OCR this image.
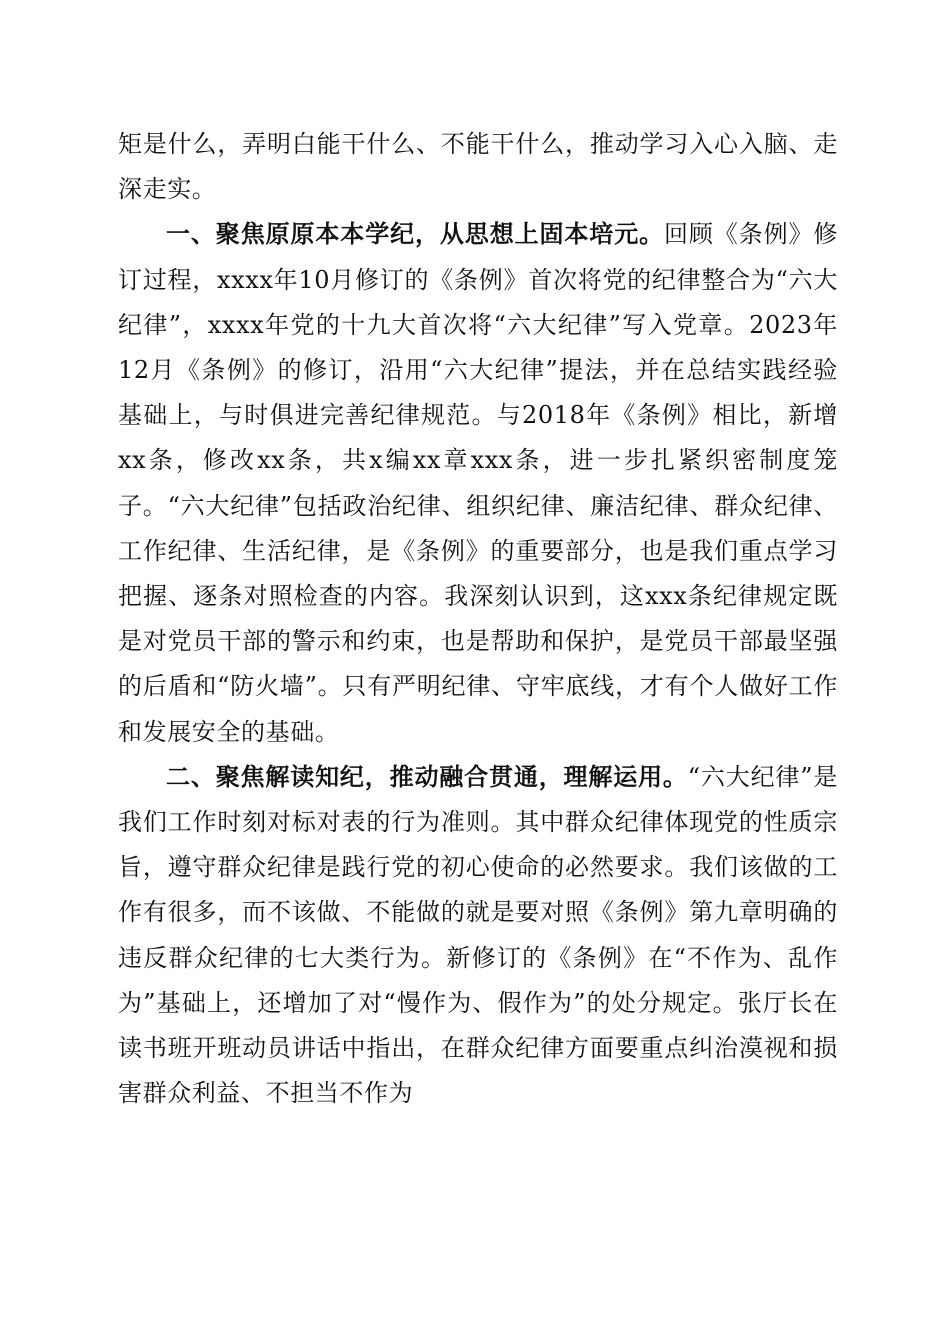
矩是什么，弄明白能干什么、不能干什么，推动学习入心入脑、走深走实。

一、聚焦原原本本学纪，从思想上固本培元。回顾《条例》修订过程，xxxx年10月修订的《条例》首次将党的纪律整合为“六大纪律”，xxxx年党的十九大首次将“六大纪律”写入党章。2023年12月《条例》的修订，沿用“六大纪律”提法，并在总结实践经验基础上，与时俱进完善纪律规范。与2018年《条例》相比，新增xx条，修改xx条，共x编xx章xxx条，进一步扎紧织密制度笼子。“六大纪律”包括政治纪律、组织纪律、廉洁纪律、群众纪律、工作纪律、生活纪律，是《条例》的重要部分，也是我们重点学习把握、逐条对照检查的内容。我深刻认识到，这xxx条纪律规定既是对党员干部的警示和约束，也是帮助和保护，是党员干部最坚强的后盾和“防火墙”。只有严明纪律、守牢底线，才有个人做好工作和发展安全的基础。

二、聚焦解读知纪，推动融合贯通，理解运用。“六大纪律”是我们工作时刻对标对表的行为准则。其中群众纪律体现党的性质宗旨，遵守群众纪律是践行党的初心使命的必然要求。我们该做的工作有很多，而不该做、不能做的就是要对照《条例》第九章明确的违反群众纪律的七大类行为。新修订的《条例》在“不作为、乱作为”基础上，还增加了对“慢作为、假作为”的处分规定。张厅长在读书班开班动员讲话中指出，在群众纪律方面要重点纠治漠视和损害群众利益、不担当不作为
